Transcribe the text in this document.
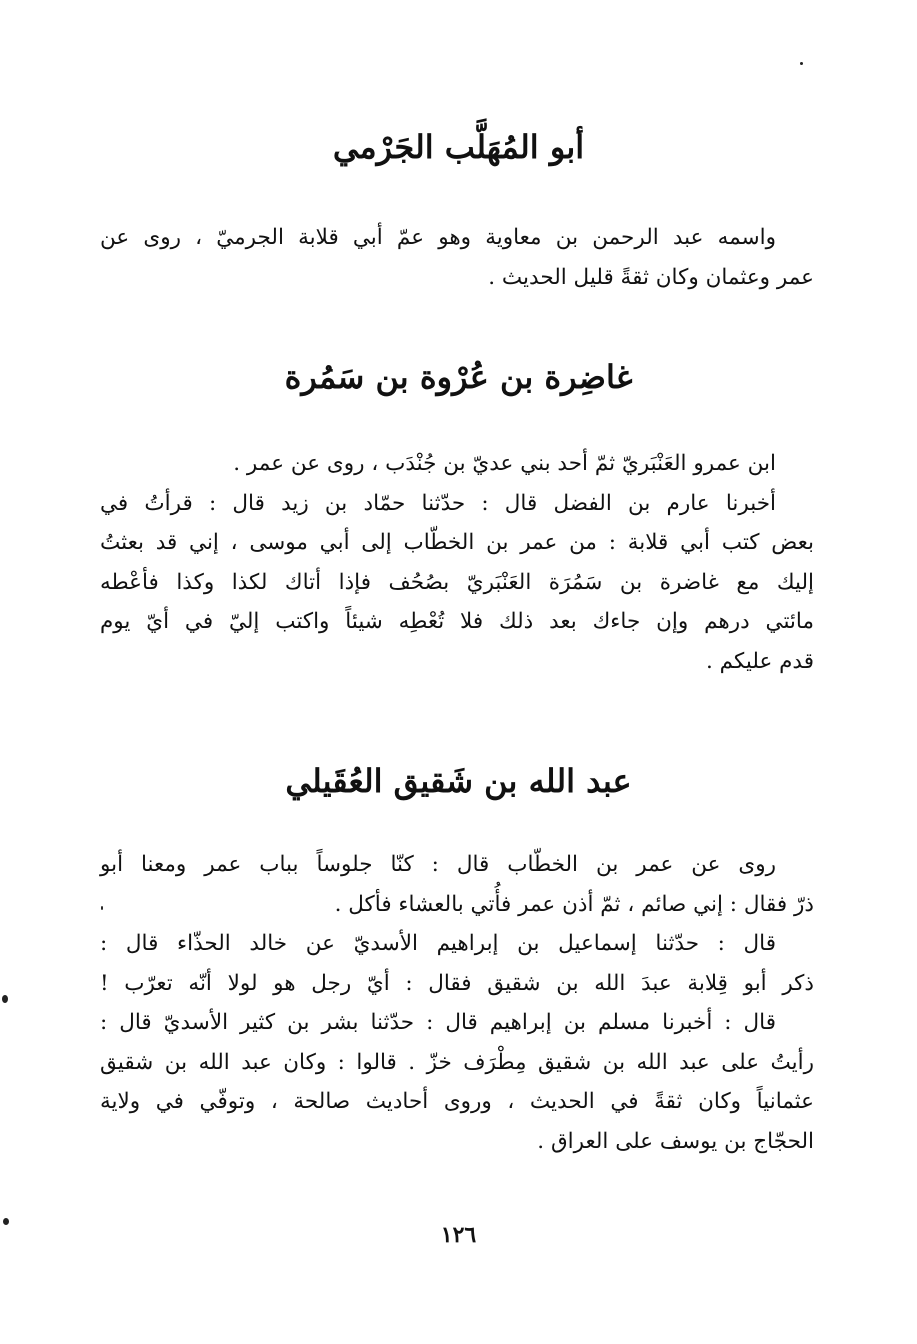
أبو المُهَلَّب الجَرْمي
واسمه عبد الرحمن بن معاوية وهو عمّ أبي قلابة الجرميّ ، روى عن
عمر وعثمان وكان ثقةً قليل الحديث .
غاضِرة بن عُرْوة بن سَمُرة
ابن عمرو العَنْبَريّ ثمّ أحد بني عديّ بن جُنْدَب ، روى عن عمر .
أخبرنا عارم بن الفضل قال : حدّثنا حمّاد بن زيد قال : قرأتُ في
بعض كتب أبي قلابة : من عمر بن الخطّاب إلى أبي موسى ، إني قد بعثتُ
إليك مع غاضرة بن سَمُرَة العَنْبَريّ بصُحُف فإذا أتاك لكذا وكذا فأعْطه
مائتي درهم وإن جاءك بعد ذلك فلا تُعْطِه شيئاً واكتب إليّ في أيّ يوم
قدم عليكم .
عبد الله بن شَقيق العُقَيلي
روى عن عمر بن الخطّاب قال : كنّا جلوساً بباب عمر ومعنا أبو
ذرّ فقال : إني صائم ، ثمّ أذن عمر فأُتي بالعشاء فأكل .
قال : حدّثنا إسماعيل بن إبراهيم الأسديّ عن خالد الحذّاء قال :
ذكر أبو قِلابة عبدَ الله بن شقيق فقال : أيّ رجل هو لولا أنّه تعرّب !
قال : أخبرنا مسلم بن إبراهيم قال : حدّثنا بشر بن كثير الأسديّ قال :
رأيتُ على عبد الله بن شقيق مِطْرَف خزّ . قالوا : وكان عبد الله بن شقيق
عثمانياً وكان ثقةً في الحديث ، وروى أحاديث صالحة ، وتوفّي في ولاية
الحجّاج بن يوسف على العراق .
١٢٦
